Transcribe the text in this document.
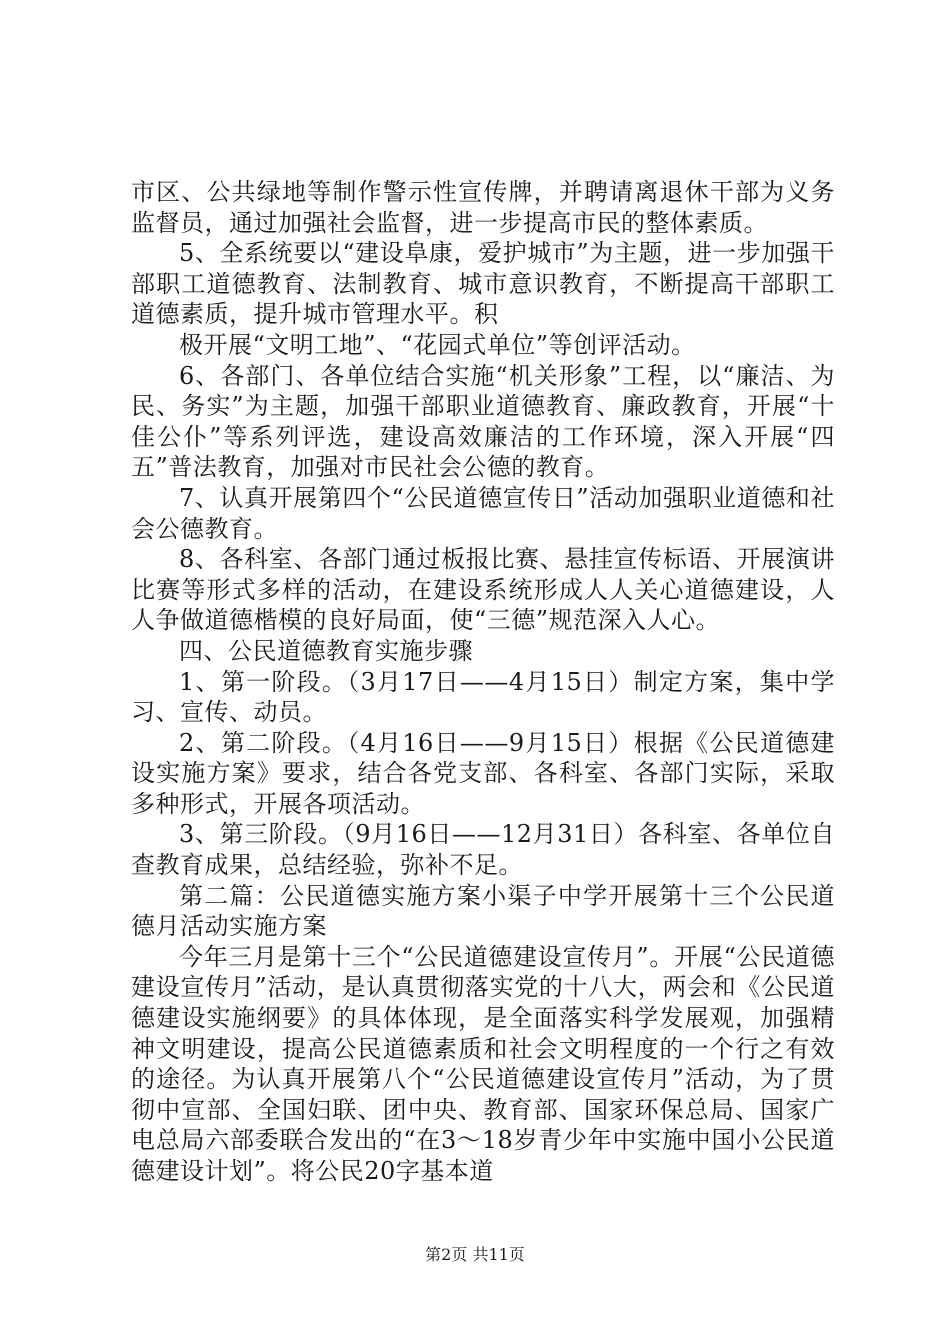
市区、公共绿地等制作警示性宣传牌，并聘请离退休干部为义务监督员，通过加强社会监督，进一步提高市民的整体素质。

5、全系统要以“建设阜康，爱护城市”为主题，进一步加强干部职工道德教育、法制教育、城市意识教育，不断提高干部职工道德素质，提升城市管理水平。积

极开展“文明工地”、“花园式单位”等创评活动。

6、各部门、各单位结合实施“机关形象”工程，以“廉洁、为民、务实”为主题，加强干部职业道德教育、廉政教育，开展“十佳公仆”等系列评选，建设高效廉洁的工作环境，深入开展“四五”普法教育，加强对市民社会公德的教育。

7、认真开展第四个“公民道德宣传日”活动加强职业道德和社会公德教育。

8、各科室、各部门通过板报比赛、悬挂宣传标语、开展演讲比赛等形式多样的活动，在建设系统形成人人关心道德建设，人人争做道德楷模的良好局面，使“三德”规范深入人心。

四、公民道德教育实施步骤

1、第一阶段。（3月17日——4月15日）制定方案，集中学习、宣传、动员。

2、第二阶段。（4月16日——9月15日）根据《公民道德建设实施方案》要求，结合各党支部、各科室、各部门实际，采取多种形式，开展各项活动。

3、第三阶段。（9月16日——12月31日）各科室、各单位自查教育成果，总结经验，弥补不足。

第二篇：公民道德实施方案小渠子中学开展第十三个公民道德月活动实施方案

今年三月是第十三个“公民道德建设宣传月”。开展“公民道德建设宣传月”活动，是认真贯彻落实党的十八大，两会和《公民道德建设实施纲要》的具体体现，是全面落实科学发展观，加强精神文明建设，提高公民道德素质和社会文明程度的一个行之有效的途径。为认真开展第八个“公民道德建设宣传月”活动，为了贯彻中宣部、全国妇联、团中央、教育部、国家环保总局、国家广电总局六部委联合发出的“在3～18岁青少年中实施中国小公民道德建设计划”。将公民20字基本道

第2页 共11页
